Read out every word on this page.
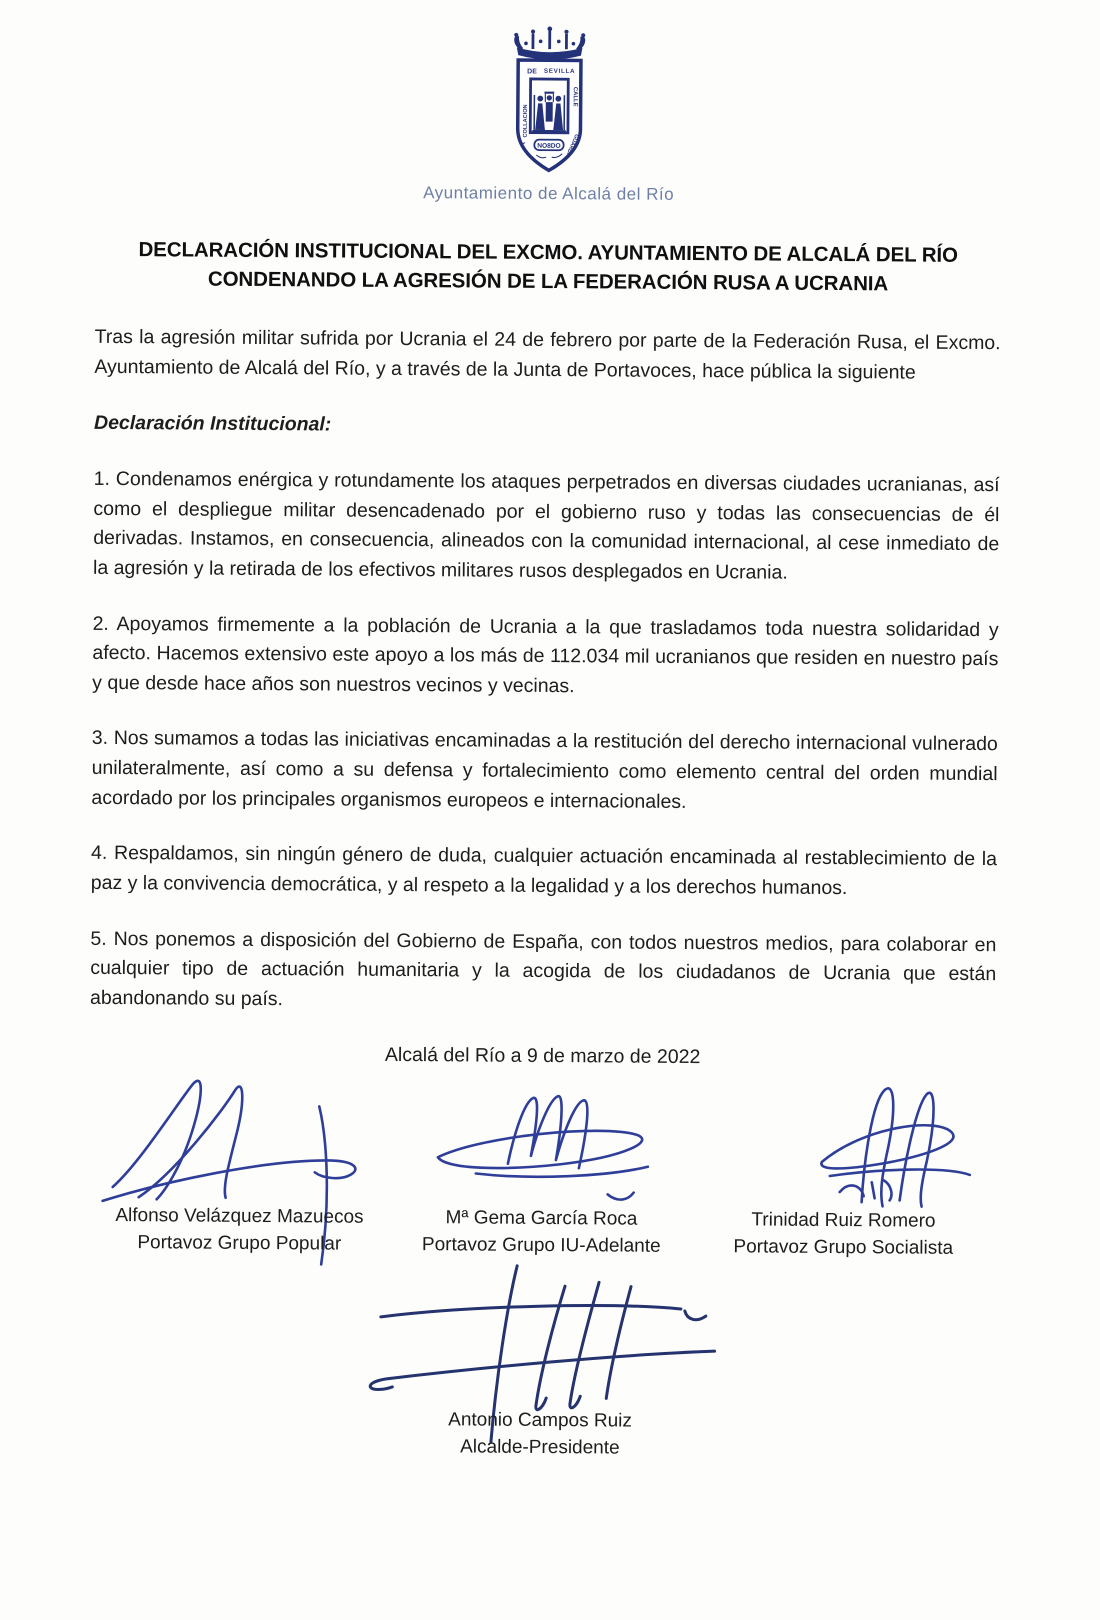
DE SEVILLA
COLLACION
CALLE
GUARDA
Y NO8DO
Ayuntamiento de Alcalá del Río
DECLARACIÓN INSTITUCIONAL DEL EXCMO. AYUNTAMIENTO DE ALCALÁ DEL RÍO
CONDENANDO LA AGRESIÓN DE LA FEDERACIÓN RUSA A UCRANIA

Tras la agresión militar sufrida por Ucrania el 24 de febrero por parte de la Federación Rusa, el Excmo. Ayuntamiento de Alcalá del Río, y a través de la Junta de Portavoces, hace pública la siguiente

Declaración Institucional:

1. Condenamos enérgica y rotundamente los ataques perpetrados en diversas ciudades ucranianas, así como el despliegue militar desencadenado por el gobierno ruso y todas las consecuencias de él derivadas. Instamos, en consecuencia, alineados con la comunidad internacional, al cese inmediato de la agresión y la retirada de los efectivos militares rusos desplegados en Ucrania.

2. Apoyamos firmemente a la población de Ucrania a la que trasladamos toda nuestra solidaridad y afecto. Hacemos extensivo este apoyo a los más de 112.034 mil ucranianos que residen en nuestro país y que desde hace años son nuestros vecinos y vecinas.

3. Nos sumamos a todas las iniciativas encaminadas a la restitución del derecho internacional vulnerado unilateralmente, así como a su defensa y fortalecimiento como elemento central del orden mundial acordado por los principales organismos europeos e internacionales.

4. Respaldamos, sin ningún género de duda, cualquier actuación encaminada al restablecimiento de la paz y la convivencia democrática, y al respeto a la legalidad y a los derechos humanos.

5. Nos ponemos a disposición del Gobierno de España, con todos nuestros medios, para colaborar en cualquier tipo de actuación humanitaria y la acogida de los ciudadanos de Ucrania que están abandonando su país.

Alcalá del Río a 9 de marzo de 2022

Alfonso Velázquez Mazuecos
Portavoz Grupo Popular
Mª Gema García Roca
Portavoz Grupo IU-Adelante
Trinidad Ruiz Romero
Portavoz Grupo Socialista
Antonio Campos Ruiz
Alcalde-Presidente
